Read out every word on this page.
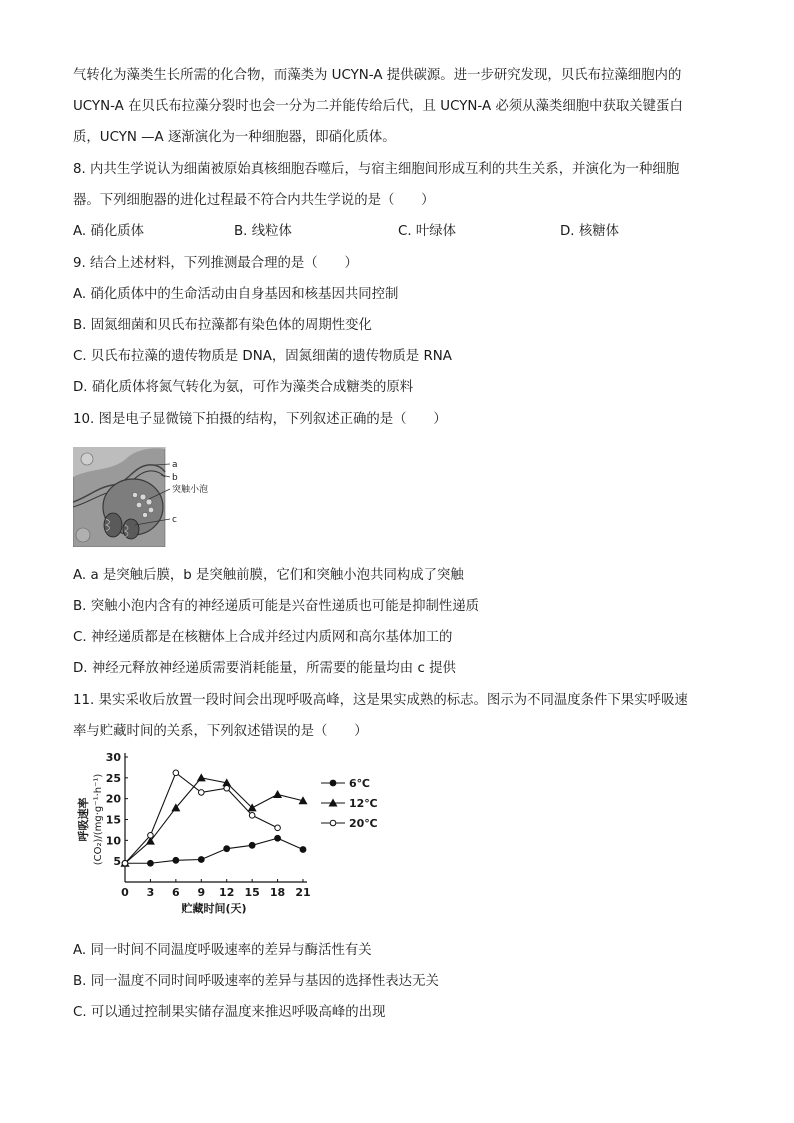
气转化为藻类生长所需的化合物，而藻类为 UCYN-A 提供碳源。进一步研究发现，贝氏布拉藻细胞内的
UCYN-A 在贝氏布拉藻分裂时也会一分为二并能传给后代，且 UCYN-A 必须从藻类细胞中获取关键蛋白
质，UCYN —A 逐渐演化为一种细胞器，即硝化质体。
8. 内共生学说认为细菌被原始真核细胞吞噬后，与宿主细胞间形成互利的共生关系，并演化为一种细胞
器。下列细胞器的进化过程最不符合内共生学说的是（　　）
A. 硝化质体	B. 线粒体	C. 叶绿体	D. 核糖体
9. 结合上述材料，下列推测最合理的是（　　）
A. 硝化质体中的生命活动由自身基因和核基因共同控制
B. 固氮细菌和贝氏布拉藻都有染色体的周期性变化
C. 贝氏布拉藻的遗传物质是 DNA，固氮细菌的遗传物质是 RNA
D. 硝化质体将氮气转化为氨，可作为藻类合成糖类的原料
10. 图是电子显微镜下拍摄的结构，下列叙述正确的是（　　）
a
b
突触小泡
c
A. a 是突触后膜，b 是突触前膜，它们和突触小泡共同构成了突触
B. 突触小泡内含有的神经递质可能是兴奋性递质也可能是抑制性递质
C. 神经递质都是在核糖体上合成并经过内质网和高尔基体加工的
D. 神经元释放神经递质需要消耗能量，所需要的能量均由 c 提供
11. 果实采收后放置一段时间会出现呼吸高峰，这是果实成熟的标志。图示为不同温度条件下果实呼吸速
率与贮藏时间的关系，下列叙述错误的是（　　）
0 3 6 9 12 15 18 21
5
10
15
20
25
30
6℃
12℃
20℃
呼吸速率 (CO₂)/(mg·g⁻¹·h⁻¹)
贮藏时间(天)
A. 同一时间不同温度呼吸速率的差异与酶活性有关
B. 同一温度不同时间呼吸速率的差异与基因的选择性表达无关
C. 可以通过控制果实储存温度来推迟呼吸高峰的出现
